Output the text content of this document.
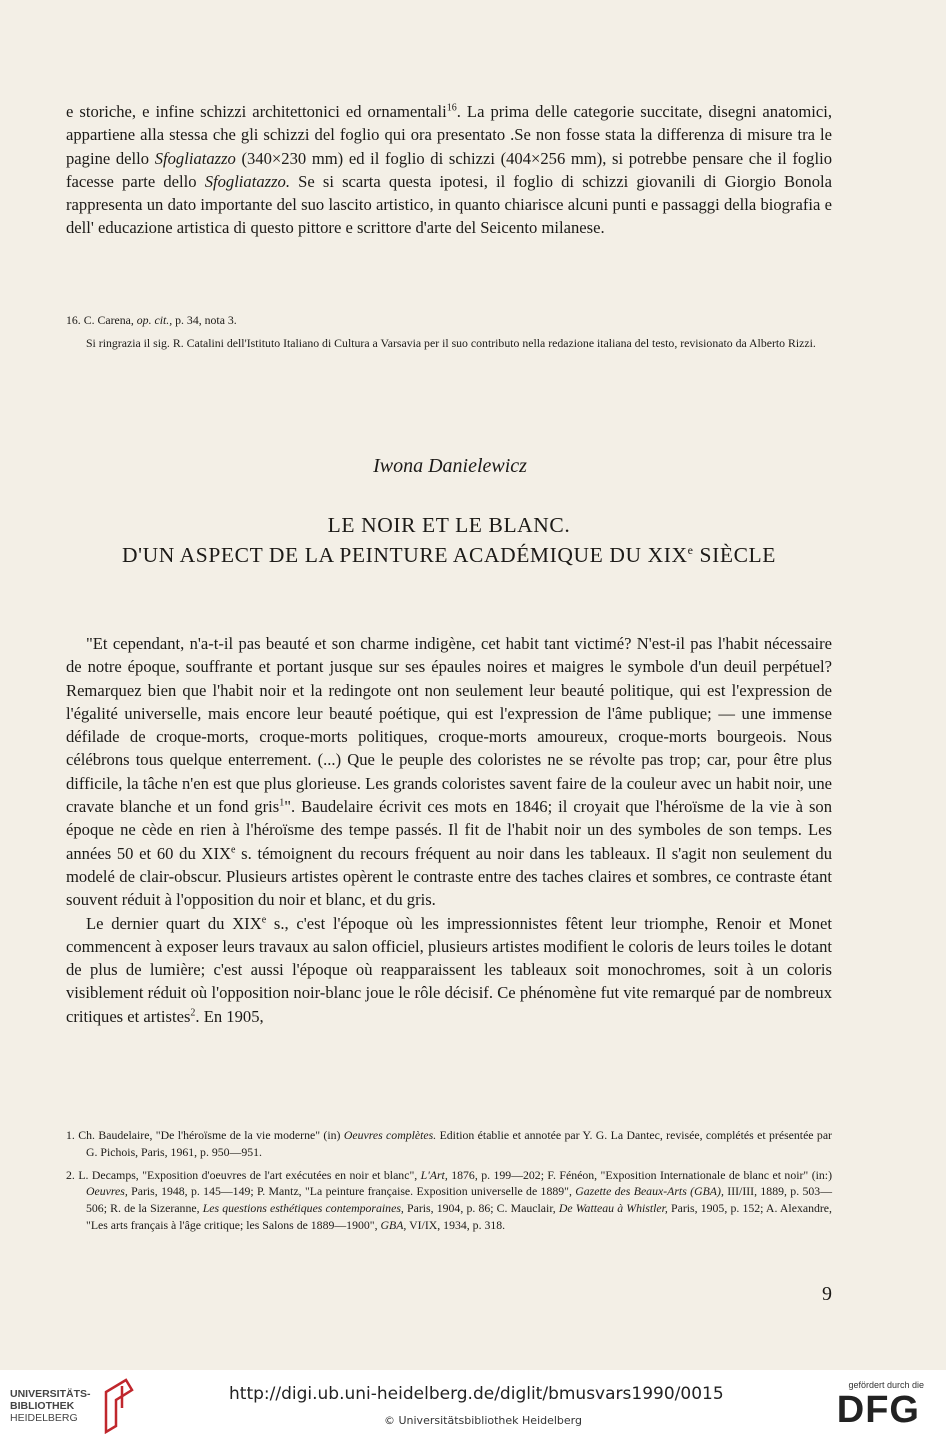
e storiche, e infine schizzi architettonici ed ornamentali$^{16}$. La prima delle categorie succitate, disegni anatomici, appartiene alla stessa che gli schizzi del foglio qui ora presentato .Se non fosse stata la differenza di misure tra le pagine dello Sfogliatazzo (340×230 mm) ed il foglio di schizzi (404×256 mm), si potrebbe pensare che il foglio facesse parte dello Sfogliatazzo. Se si scarta questa ipotesi, il foglio di schizzi giovanili di Giorgio Bonola rappresenta un dato importante del suo lascito artistico, in quanto chiarisce alcuni punti e passaggi della biografia e dell' educazione artistica di questo pittore e scrittore d'arte del Seicento milanese.

16. C. Carena, op. cit., p. 34, nota 3.

Si ringrazia il sig. R. Catalini dell'Istituto Italiano di Cultura a Varsavia per il suo contributo nella redazione italiana del testo, revisionato da Alberto Rizzi.

Iwona Danielewicz
LE NOIR ET LE BLANC.
D'UN ASPECT DE LA PEINTURE ACADÉMIQUE DU XIXe SIÈCLE

"Et cependant, n'a-t-il pas beauté et son charme indigène, cet habit tant victimé? N'est-il pas l'habit nécessaire de notre époque, souffrante et portant jusque sur ses épaules noires et maigres le symbole d'un deuil perpétuel? Remarquez bien que l'habit noir et la redingote ont non seulement leur beauté politique, qui est l'expression de l'égalité universelle, mais encore leur beauté poétique, qui est l'expression de l'âme publique; — une immense défilade de croque-morts, croque-morts politiques, croque-morts amoureux, croque-morts bourgeois. Nous célébrons tous quelque enterrement. (...) Que le peuple des coloristes ne se révolte pas trop; car, pour être plus difficile, la tâche n'en est que plus glorieuse. Les grands coloristes savent faire de la couleur avec un habit noir, une cravate blanche et un fond gris$^1$". Baudelaire écrivit ces mots en 1846; il croyait que l'héroïsme de la vie à son époque ne cède en rien à l'héroïsme des tempe passés. Il fit de l'habit noir un des symboles de son temps. Les années 50 et 60 du XIXe s. témoignent du recours fréquent au noir dans les tableaux. Il s'agit non seulement du modelé de clair-obscur. Plusieurs artistes opèrent le contraste entre des taches claires et sombres, ce contraste étant souvent réduit à l'opposition du noir et blanc, et du gris.

Le dernier quart du XIXe s., c'est l'époque où les impressionnistes fêtent leur triomphe, Renoir et Monet commencent à exposer leurs travaux au salon officiel, plusieurs artistes modifient le coloris de leurs toiles le dotant de plus de lumière; c'est aussi l'époque où reapparaissent les tableaux soit monochromes, soit à un coloris visiblement réduit où l'opposition noir-blanc joue le rôle décisif. Ce phénomène fut vite remarqué par de nombreux critiques et artistes$^2$. En 1905,

1. Ch. Baudelaire, "De l'héroïsme de la vie moderne" (in) Oeuvres complètes. Edition établie et annotée par Y. G. La Dantec, revisée, complétés et présentée par G. Pichois, Paris, 1961, p. 950—951.

2. L. Decamps, "Exposition d'oeuvres de l'art exécutées en noir et blanc", L'Art, 1876, p. 199—202; F. Fénéon, "Exposition Internationale de blanc et noir" (in:) Oeuvres, Paris, 1948, p. 145—149; P. Mantz, "La peinture française. Exposition universelle de 1889", Gazette des Beaux-Arts (GBA), III/III, 1889, p. 503—506; R. de la Sizeranne, Les questions esthétiques contemporaines, Paris, 1904, p. 86; C. Mauclair, De Watteau à Whistler, Paris, 1905, p. 152; A. Alexandre, "Les arts français à l'âge critique; les Salons de 1889—1900", GBA, VI/IX, 1934, p. 318.

9
UNIVERSITÄTS-
BIBLIOTHEK
HEIDELBERG
http://digi.ub.uni-heidelberg.de/diglit/bmusvars1990/0015
© Universitätsbibliothek Heidelberg
gefördert durch die
DFG
